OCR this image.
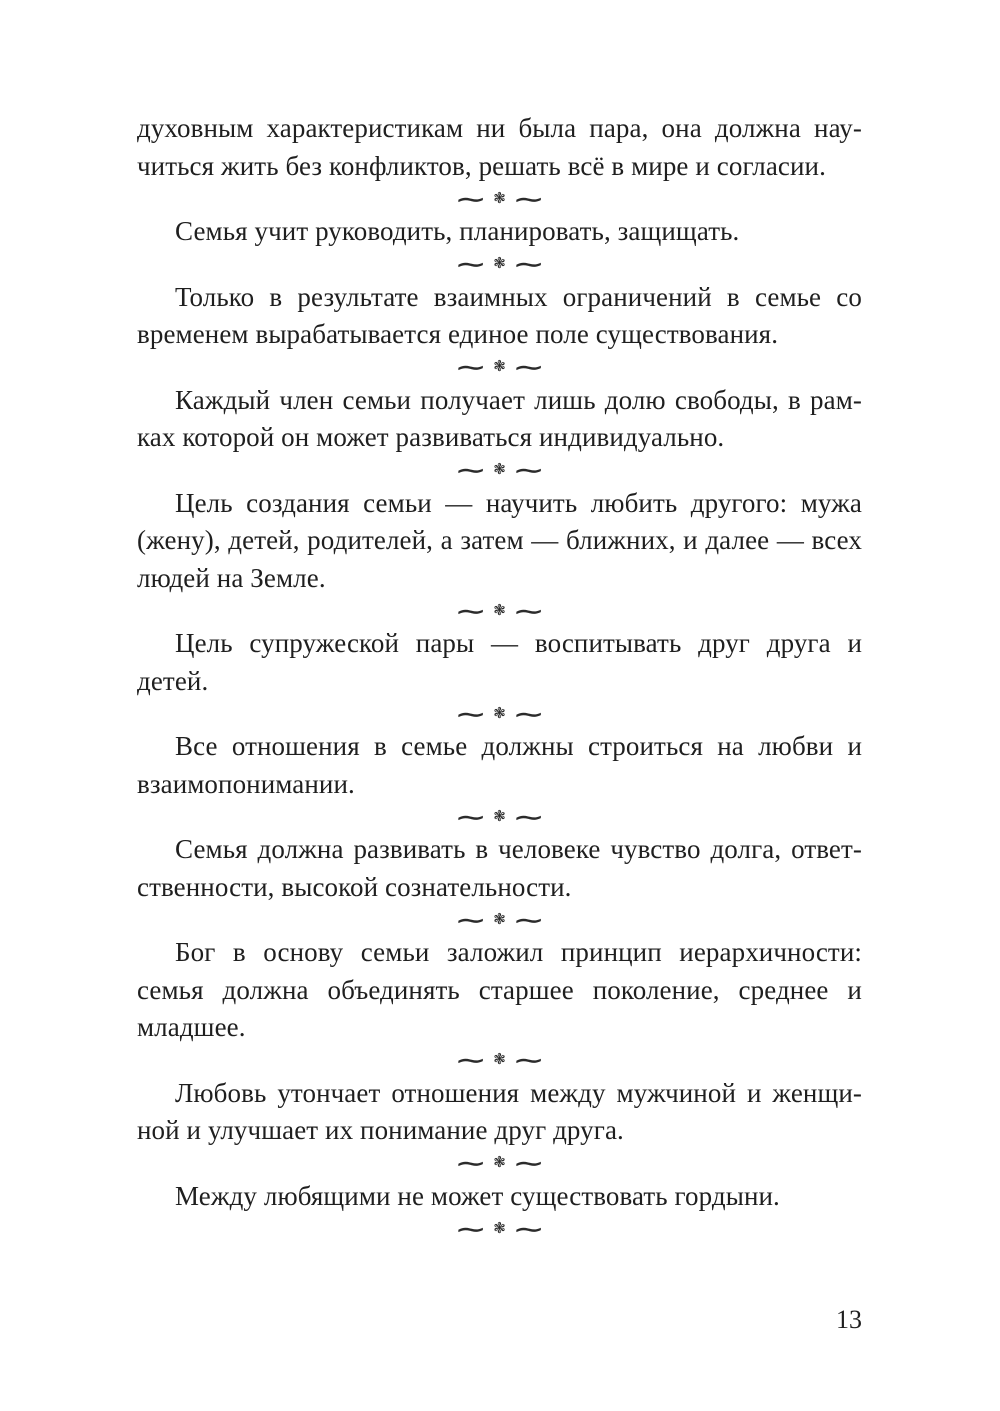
духовным характеристикам ни была пара, она должна нау-
читься жить без конфликтов, решать всё в мире и согласии.
∼ ❃ ∼
Семья учит руководить, планировать, защищать.
∼ ❃ ∼
Только в результате взаимных ограничений в семье со
временем вырабатывается единое поле существования.
∼ ❃ ∼
Каждый член семьи получает лишь долю свободы, в рам-
ках которой он может развиваться индивидуально.
∼ ❃ ∼
Цель создания семьи — научить любить другого: мужа
(жену), детей, родителей, а затем — ближних, и далее — всех
людей на Земле.
∼ ❃ ∼
Цель супружеской пары — воспитывать друг друга и
детей.
∼ ❃ ∼
Все отношения в семье должны строиться на любви и
взаимопонимании.
∼ ❃ ∼
Семья должна развивать в человеке чувство долга, ответ-
ственности, высокой сознательности.
∼ ❃ ∼
Бог в основу семьи заложил принцип иерархичности:
семья должна объединять старшее поколение, среднее и
младшее.
∼ ❃ ∼
Любовь утончает отношения между мужчиной и женщи-
ной и улучшает их понимание друг друга.
∼ ❃ ∼
Между любящими не может существовать гордыни.
∼ ❃ ∼
13
